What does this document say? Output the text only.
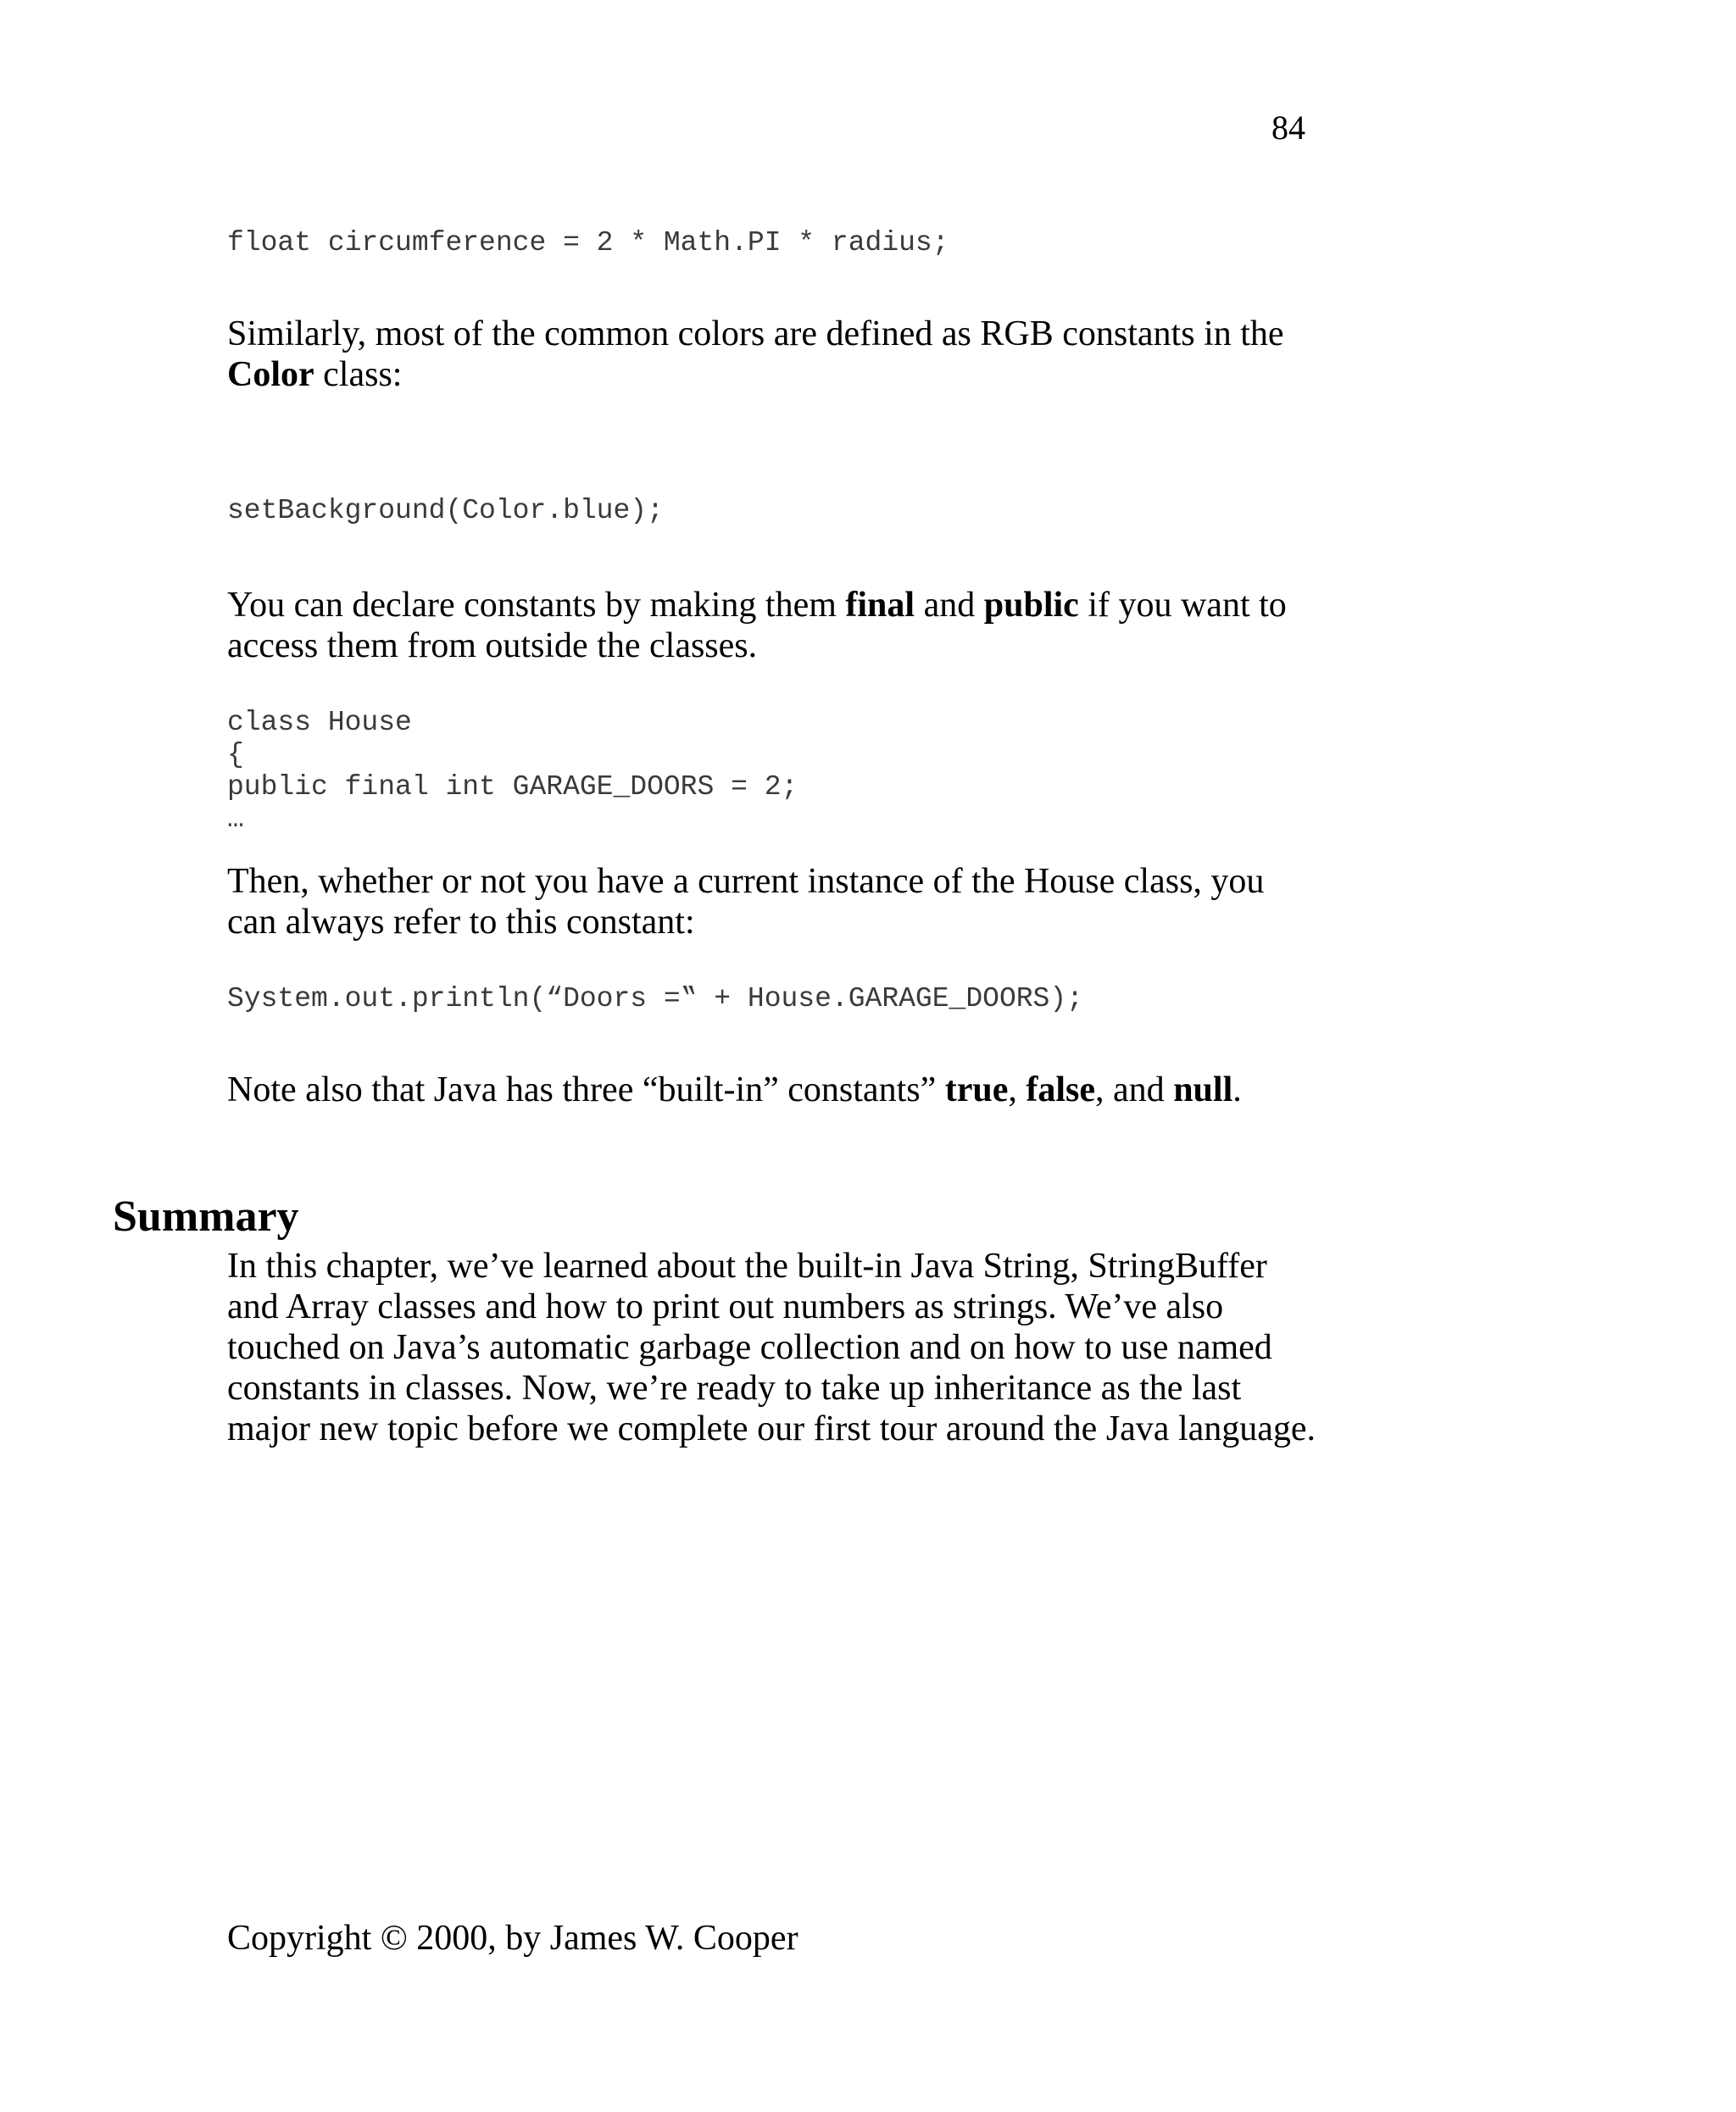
84
float circumference = 2 * Math.PI * radius;

Similarly, most of the common colors are defined as RGB constants in the
Color class:

setBackground(Color.blue);

You can declare constants by making them final and public if you want to
access them from outside the classes.

class House
{
public final int GARAGE_DOORS = 2;
…

Then, whether or not you have a current instance of the House class, you
can always refer to this constant:

System.out.println(“Doors =‟ + House.GARAGE_DOORS);

Note also that Java has three “built-in” constants” true, false, and null.

Summary

In this chapter, we’ve learned about the built-in Java String, StringBuffer
and Array classes and how to print out numbers as strings. We’ve also
touched on Java’s automatic garbage collection and on how to use named
constants in classes. Now, we’re ready to take up inheritance as the last
major new topic before we complete our first tour around the Java language.

Copyright © 2000, by James W. Cooper
